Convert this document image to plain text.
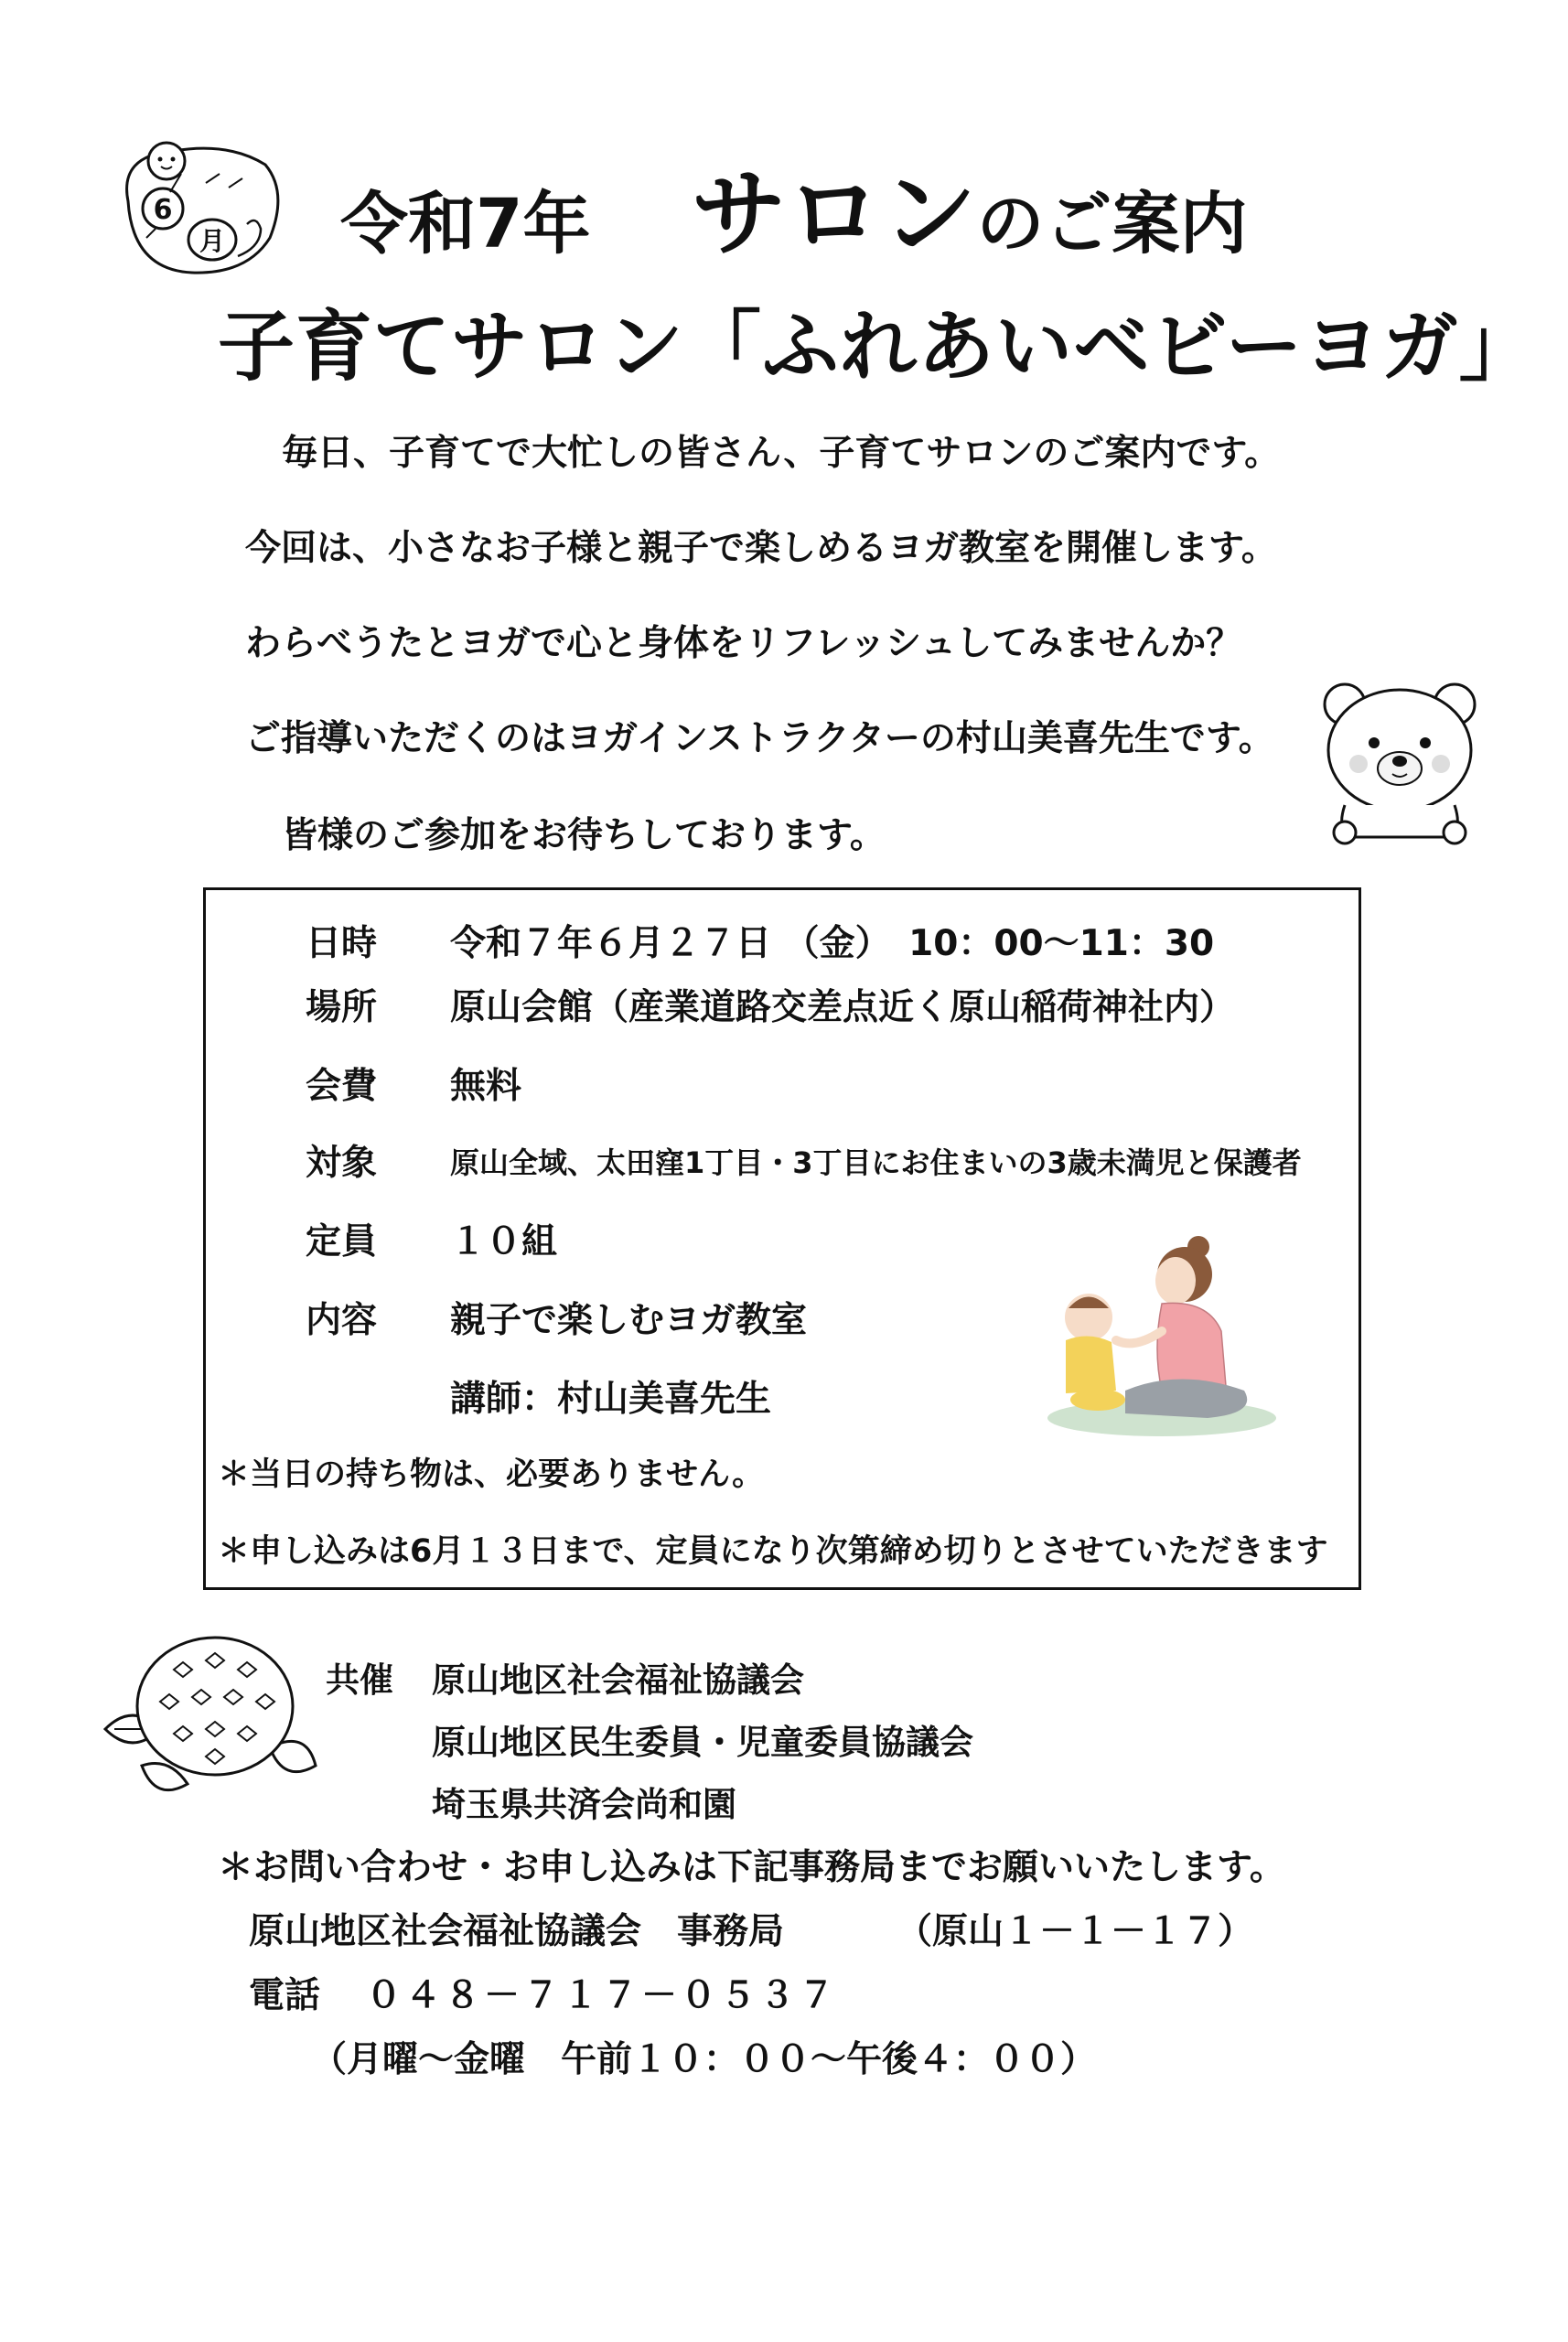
6
月 令和7年 サロンのご案内
子育てサロン「ふれあいベビーヨガ」
毎日、子育てで大忙しの皆さん、子育てサロンのご案内です。
今回は、小さなお子様と親子で楽しめるヨガ教室を開催します。
わらべうたとヨガで心と身体をリフレッシュしてみませんか？
ご指導いただくのはヨガインストラクターの村山美喜先生です。
皆様のご参加をお待ちしております。
日時 令和７年６月２７日 （金）　10：00～11：30
場所 原山会館（産業道路交差点近く原山稲荷神社内）
会費 無料
対象 原山全域、太田窪1丁目・3丁目にお住まいの3歳未満児と保護者
定員 １０組
内容 親子で楽しむヨガ教室
講師：村山美喜先生
＊当日の持ち物は、必要ありません。
＊申し込みは6月１３日まで、定員になり次第締め切りとさせていただきます
共催 原山地区社会福祉協議会
原山地区民生委員・児童委員協議会
埼玉県共済会尚和園
＊お問い合わせ・お申し込みは下記事務局までお願いいたします。
原山地区社会福祉協議会　事務局	（原山１－１－１７）
電話 ０４８－７１７－０５３７
（月曜～金曜　午前１０：００～午後４：００）
